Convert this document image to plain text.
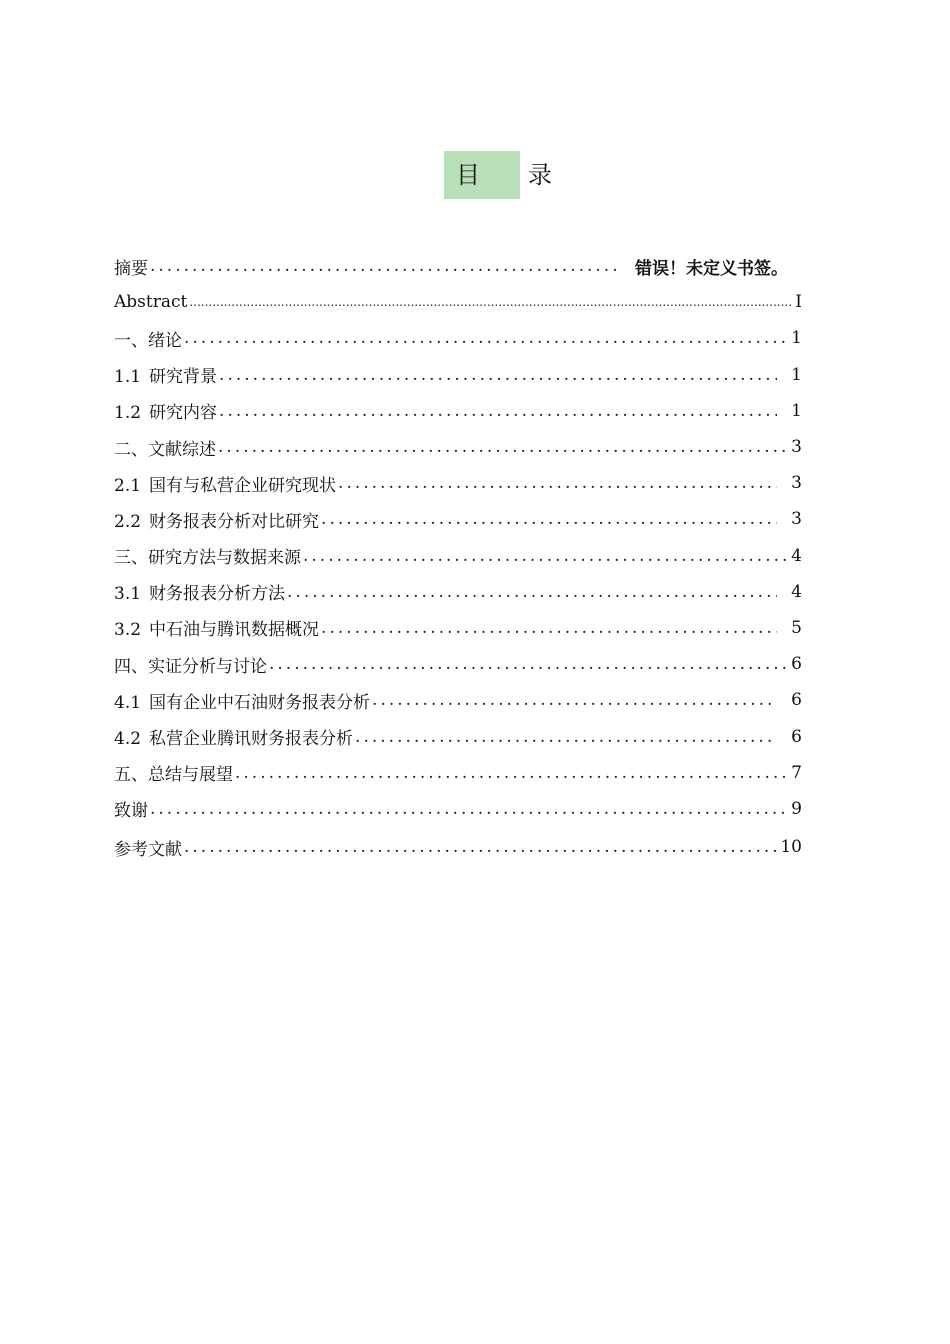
目　录
摘要 .....	错误！未定义书签。
Abstract .....	I
一、绪论 .....	1
1.1 研究背景 .....	1
1.2 研究内容 .....	1
二、文献综述 .....	3
2.1 国有与私营企业研究现状 .....	3
2.2 财务报表分析对比研究 .....	3
三、研究方法与数据来源 .....	4
3.1 财务报表分析方法 .....	4
3.2 中石油与腾讯数据概况 .....	5
四、实证分析与讨论 .....	6
4.1 国有企业中石油财务报表分析 .....	6
4.2 私营企业腾讯财务报表分析 .....	6
五、总结与展望 .....	7
致谢 .....	9
参考文献 .....	10
